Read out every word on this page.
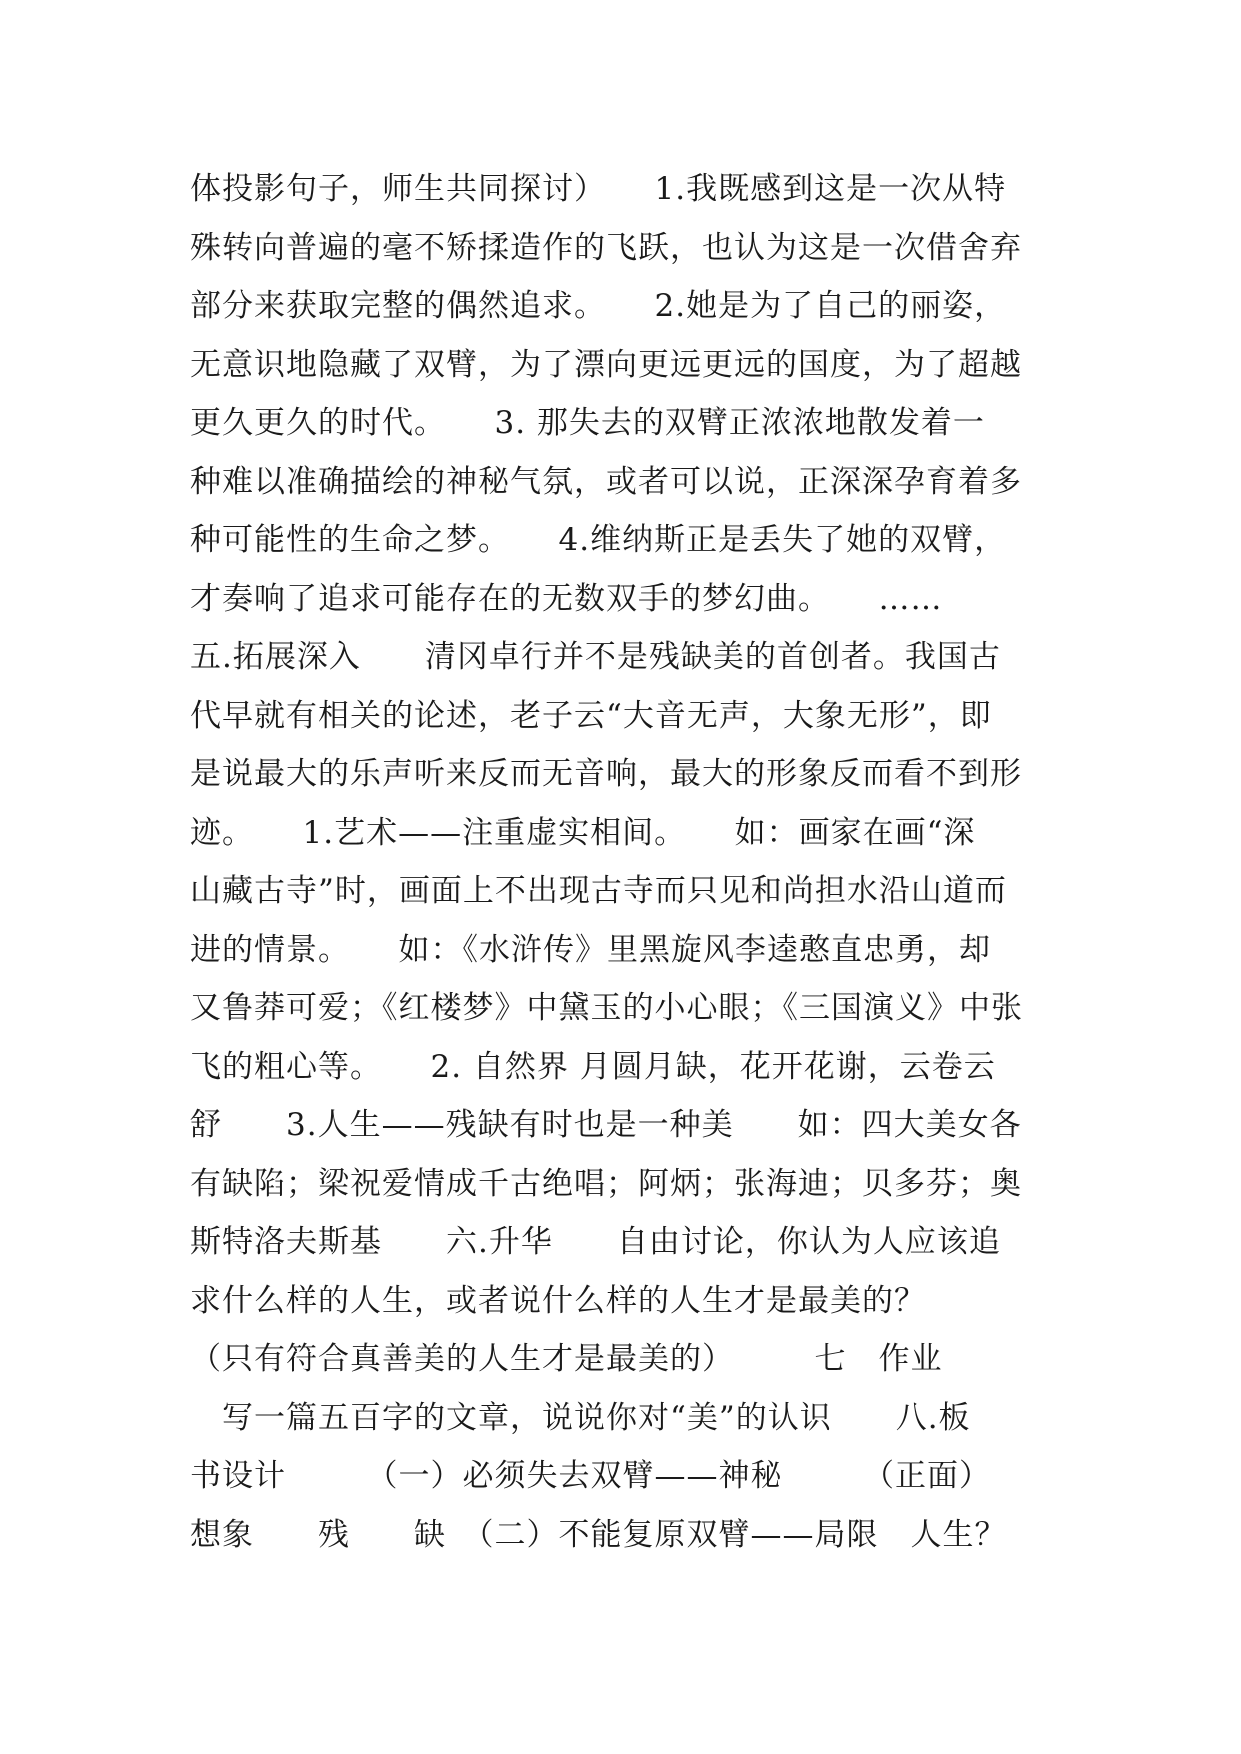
体投影句子，师生共同探讨）　　1.我既感到这是一次从特
殊转向普遍的毫不矫揉造作的飞跃，也认为这是一次借舍弃
部分来获取完整的偶然追求。　　2.她是为了自己的丽姿，
无意识地隐藏了双臂，为了漂向更远更远的国度，为了超越
更久更久的时代。　　3. 那失去的双臂正浓浓地散发着一
种难以准确描绘的神秘气氛，或者可以说，正深深孕育着多
种可能性的生命之梦。　　4.维纳斯正是丢失了她的双臂，
才奏响了追求可能存在的无数双手的梦幻曲。　　……
五.拓展深入　　清冈卓行并不是残缺美的首创者。我国古
代早就有相关的论述，老子云“大音无声，大象无形”，即
是说最大的乐声听来反而无音响，最大的形象反而看不到形
迹。　　1.艺术——注重虚实相间。　　如：画家在画“深
山藏古寺”时，画面上不出现古寺而只见和尚担水沿山道而
进的情景。　　如：《水浒传》里黑旋风李逵憨直忠勇，却
又鲁莽可爱；《红楼梦》中黛玉的小心眼；《三国演义》中张
飞的粗心等。　　2. 自然界 月圆月缺，花开花谢，云卷云
舒　　3.人生——残缺有时也是一种美　　如：四大美女各
有缺陷；梁祝爱情成千古绝唱；阿炳；张海迪；贝多芬；奥
斯特洛夫斯基　　六.升华　　自由讨论，你认为人应该追
求什么样的人生，或者说什么样的人生才是最美的？
（只有符合真善美的人生才是最美的）　　　七　作业
　写一篇五百字的文章，说说你对“美”的认识　　八.板
书设计　　　（一）必须失去双臂——神秘　　　（正面）
想象　　残　　缺　（二）不能复原双臂——局限　人生？
